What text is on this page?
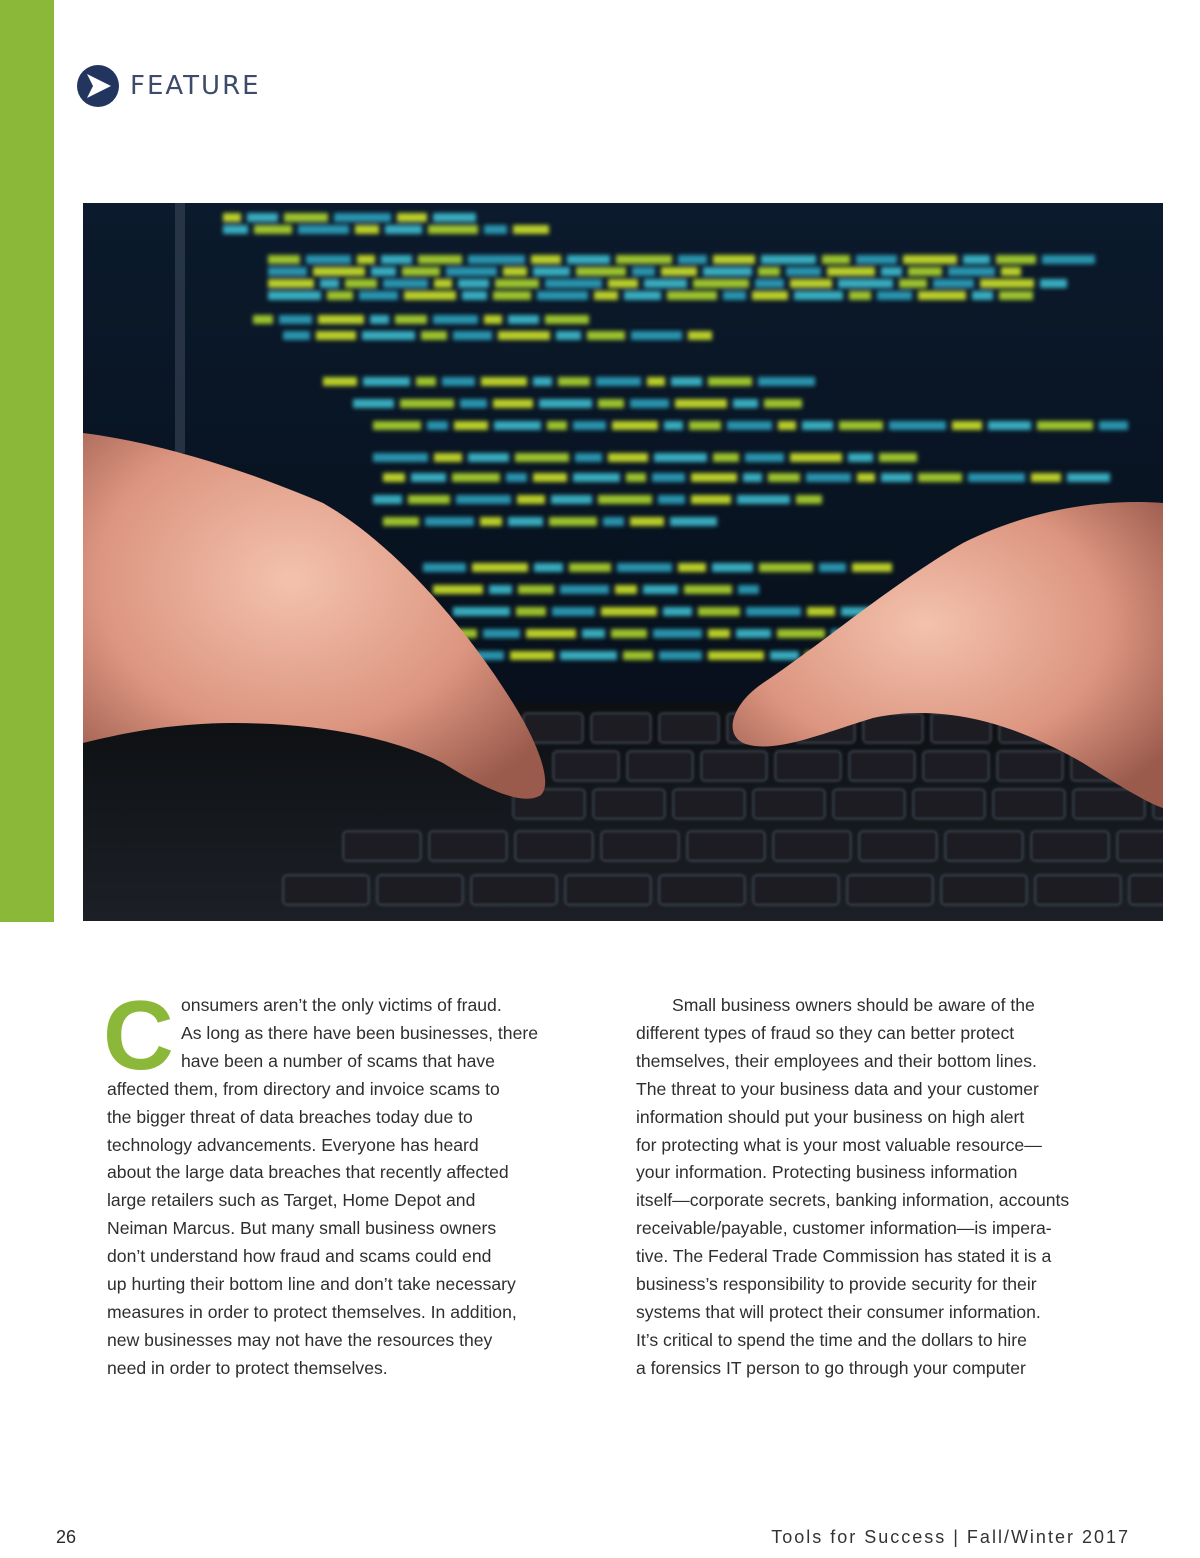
FEATURE
C onsumers aren’t the only victims of fraud.
As long as there have been businesses, there
have been a number of scams that have
affected them, from directory and invoice scams to
the bigger threat of data breaches today due to
technology advancements. Everyone has heard
about the large data breaches that recently affected
large retailers such as Target, Home Depot and
Neiman Marcus. But many small business owners
don’t understand how fraud and scams could end
up hurting their bottom line and don’t take necessary
measures in order to protect themselves. In addition,
new businesses may not have the resources they
need in order to protect themselves.
Small business owners should be aware of the
different types of fraud so they can better protect
themselves, their employees and their bottom lines.
The threat to your business data and your customer
information should put your business on high alert
for protecting what is your most valuable resource—
your information. Protecting business information
itself—corporate secrets, banking information, accounts
receivable/payable, customer information—is impera-
tive. The Federal Trade Commission has stated it is a
business’s responsibility to provide security for their
systems that will protect their consumer information.
It’s critical to spend the time and the dollars to hire
a forensics IT person to go through your computer
26	Tools for Success | Fall/Winter 2017
